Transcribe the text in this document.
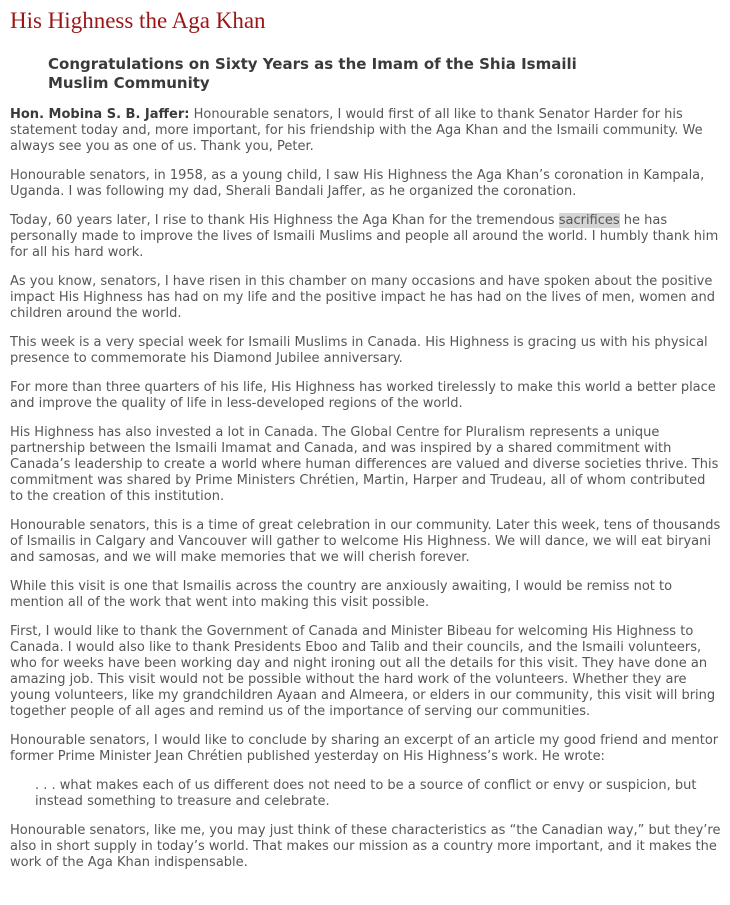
His Highness the Aga Khan
Congratulations on Sixty Years as the Imam of the Shia Ismaili Muslim Community

Hon. Mobina S. B. Jaffer: Honourable senators, I would first of all like to thank Senator Harder for his statement today and, more important, for his friendship with the Aga Khan and the Ismaili community. We always see you as one of us. Thank you, Peter.

Honourable senators, in 1958, as a young child, I saw His Highness the Aga Khan’s coronation in Kampala, Uganda. I was following my dad, Sherali Bandali Jaffer, as he organized the coronation.

Today, 60 years later, I rise to thank His Highness the Aga Khan for the tremendous sacrifices he has personally made to improve the lives of Ismaili Muslims and people all around the world. I humbly thank him for all his hard work.

As you know, senators, I have risen in this chamber on many occasions and have spoken about the positive impact His Highness has had on my life and the positive impact he has had on the lives of men, women and children around the world.

This week is a very special week for Ismaili Muslims in Canada. His Highness is gracing us with his physical presence to commemorate his Diamond Jubilee anniversary.

For more than three quarters of his life, His Highness has worked tirelessly to make this world a better place and improve the quality of life in less-developed regions of the world.

His Highness has also invested a lot in Canada. The Global Centre for Pluralism represents a unique partnership between the Ismaili Imamat and Canada, and was inspired by a shared commitment with Canada’s leadership to create a world where human differences are valued and diverse societies thrive. This commitment was shared by Prime Ministers Chrétien, Martin, Harper and Trudeau, all of whom contributed to the creation of this institution.

Honourable senators, this is a time of great celebration in our community. Later this week, tens of thousands of Ismailis in Calgary and Vancouver will gather to welcome His Highness. We will dance, we will eat biryani and samosas, and we will make memories that we will cherish forever.

While this visit is one that Ismailis across the country are anxiously awaiting, I would be remiss not to mention all of the work that went into making this visit possible.

First, I would like to thank the Government of Canada and Minister Bibeau for welcoming His Highness to Canada. I would also like to thank Presidents Eboo and Talib and their councils, and the Ismaili volunteers, who for weeks have been working day and night ironing out all the details for this visit. They have done an amazing job. This visit would not be possible without the hard work of the volunteers. Whether they are young volunteers, like my grandchildren Ayaan and Almeera, or elders in our community, this visit will bring together people of all ages and remind us of the importance of serving our communities.

Honourable senators, I would like to conclude by sharing an excerpt of an article my good friend and mentor former Prime Minister Jean Chrétien published yesterday on His Highness’s work. He wrote:

. . . what makes each of us different does not need to be a source of conflict or envy or suspicion, but instead something to treasure and celebrate.

Honourable senators, like me, you may just think of these characteristics as “the Canadian way,” but they’re also in short supply in today’s world. That makes our mission as a country more important, and it makes the work of the Aga Khan indispensable.
